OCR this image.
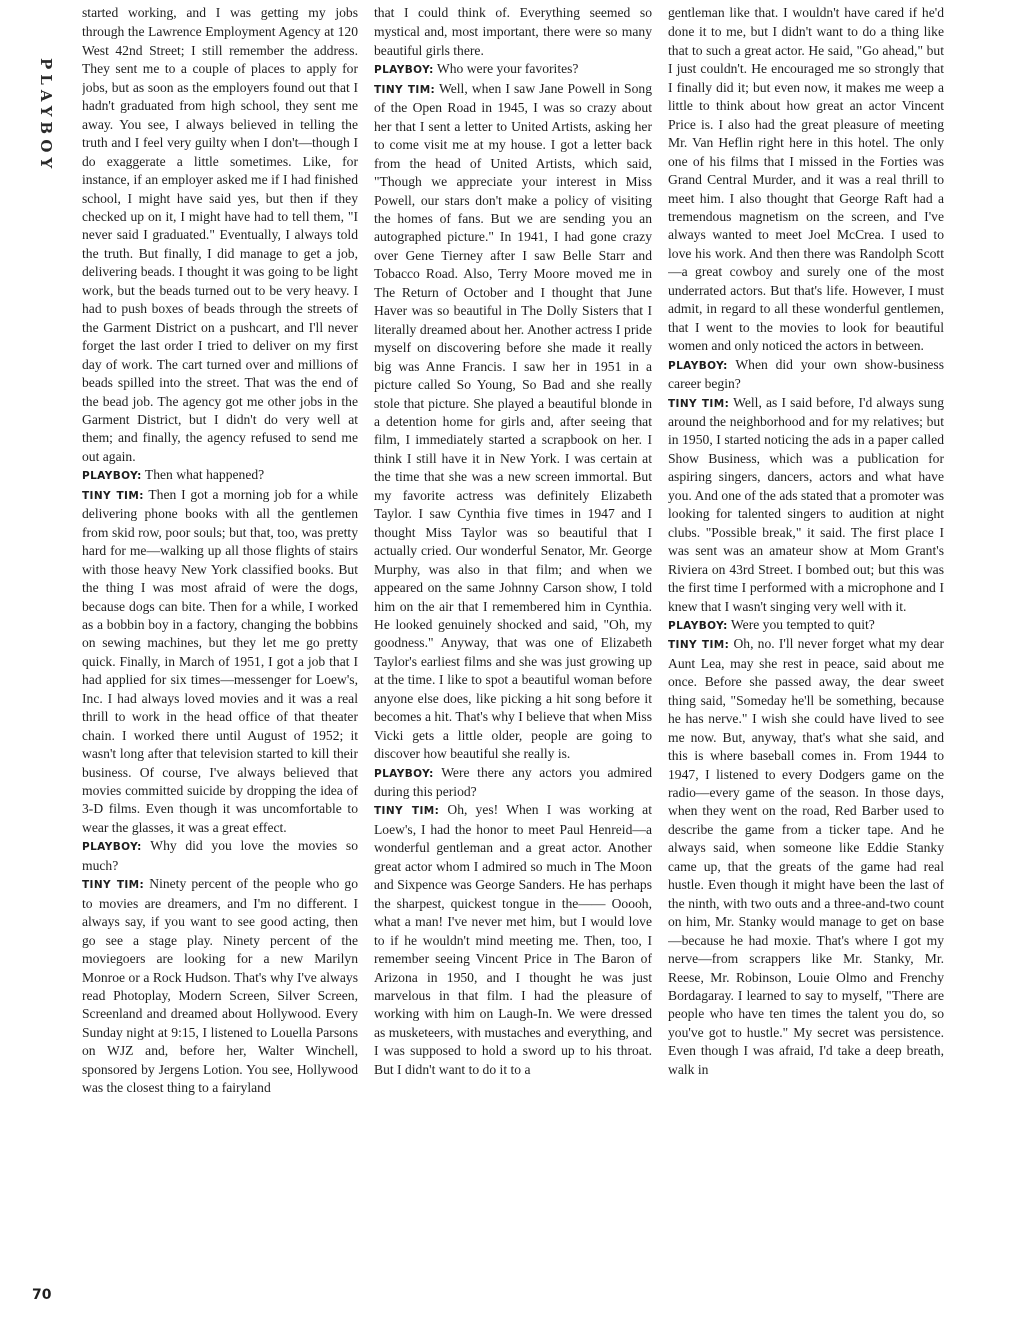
PLAYBOY

started working, and I was getting my jobs through the Lawrence Employment Agency at 120 West 42nd Street; I still remember the address. They sent me to a couple of places to apply for jobs, but as soon as the employers found out that I hadn't graduated from high school, they sent me away. You see, I always believed in telling the truth and I feel very guilty when I don't—though I do exaggerate a little sometimes. Like, for instance, if an employer asked me if I had finished school, I might have said yes, but then if they checked up on it, I might have had to tell them, "I never said I graduated." Eventually, I always told the truth. But finally, I did manage to get a job, delivering beads. I thought it was going to be light work, but the beads turned out to be very heavy. I had to push boxes of beads through the streets of the Garment District on a pushcart, and I'll never forget the last order I tried to deliver on my first day of work. The cart turned over and millions of beads spilled into the street. That was the end of the bead job. The agency got me other jobs in the Garment District, but I didn't do very well at them; and finally, the agency refused to send me out again.

PLAYBOY: Then what happened?

TINY TIM: Then I got a morning job for a while delivering phone books with all the gentlemen from skid row, poor souls; but that, too, was pretty hard for me—walking up all those flights of stairs with those heavy New York classified books. But the thing I was most afraid of were the dogs, because dogs can bite. Then for a while, I worked as a bobbin boy in a factory, changing the bobbins on sewing machines, but they let me go pretty quick. Finally, in March of 1951, I got a job that I had applied for six times—messenger for Loew's, Inc. I had always loved movies and it was a real thrill to work in the head office of that theater chain. I worked there until August of 1952; it wasn't long after that television started to kill their business. Of course, I've always believed that movies committed suicide by dropping the idea of 3-D films. Even though it was uncomfortable to wear the glasses, it was a great effect.

PLAYBOY: Why did you love the movies so much?

TINY TIM: Ninety percent of the people who go to movies are dreamers, and I'm no different. I always say, if you want to see good acting, then go see a stage play. Ninety percent of the moviegoers are looking for a new Marilyn Monroe or a Rock Hudson. That's why I've always read Photoplay, Modern Screen, Silver Screen, Screenland and dreamed about Hollywood. Every Sunday night at 9:15, I listened to Louella Parsons on WJZ and, before her, Walter Winchell, sponsored by Jergens Lotion. You see, Hollywood was the closest thing to a fairyland

that I could think of. Everything seemed so mystical and, most important, there were so many beautiful girls there.

PLAYBOY: Who were your favorites?

TINY TIM: Well, when I saw Jane Powell in Song of the Open Road in 1945, I was so crazy about her that I sent a letter to United Artists, asking her to come visit me at my house. I got a letter back from the head of United Artists, which said, "Though we appreciate your interest in Miss Powell, our stars don't make a policy of visiting the homes of fans. But we are sending you an autographed picture." In 1941, I had gone crazy over Gene Tierney after I saw Belle Starr and Tobacco Road. Also, Terry Moore moved me in The Return of October and I thought that June Haver was so beautiful in The Dolly Sisters that I literally dreamed about her. Another actress I pride myself on discovering before she made it really big was Anne Francis. I saw her in 1951 in a picture called So Young, So Bad and she really stole that picture. She played a beautiful blonde in a detention home for girls and, after seeing that film, I immediately started a scrapbook on her. I think I still have it in New York. I was certain at the time that she was a new screen immortal. But my favorite actress was definitely Elizabeth Taylor. I saw Cynthia five times in 1947 and I thought Miss Taylor was so beautiful that I actually cried. Our wonderful Senator, Mr. George Murphy, was also in that film; and when we appeared on the same Johnny Carson show, I told him on the air that I remembered him in Cynthia. He looked genuinely shocked and said, "Oh, my goodness." Anyway, that was one of Elizabeth Taylor's earliest films and she was just growing up at the time. I like to spot a beautiful woman before anyone else does, like picking a hit song before it becomes a hit. That's why I believe that when Miss Vicki gets a little older, people are going to discover how beautiful she really is.

PLAYBOY: Were there any actors you admired during this period?

TINY TIM: Oh, yes! When I was working at Loew's, I had the honor to meet Paul Henreid—a wonderful gentleman and a great actor. Another great actor whom I admired so much in The Moon and Sixpence was George Sanders. He has perhaps the sharpest, quickest tongue in the—— Ooooh, what a man! I've never met him, but I would love to if he wouldn't mind meeting me. Then, too, I remember seeing Vincent Price in The Baron of Arizona in 1950, and I thought he was just marvelous in that film. I had the pleasure of working with him on Laugh-In. We were dressed as musketeers, with mustaches and everything, and I was supposed to hold a sword up to his throat. But I didn't want to do it to a

gentleman like that. I wouldn't have cared if he'd done it to me, but I didn't want to do a thing like that to such a great actor. He said, "Go ahead," but I just couldn't. He encouraged me so strongly that I finally did it; but even now, it makes me weep a little to think about how great an actor Vincent Price is. I also had the great pleasure of meeting Mr. Van Heflin right here in this hotel. The only one of his films that I missed in the Forties was Grand Central Murder, and it was a real thrill to meet him. I also thought that George Raft had a tremendous magnetism on the screen, and I've always wanted to meet Joel McCrea. I used to love his work. And then there was Randolph Scott—a great cowboy and surely one of the most underrated actors. But that's life. However, I must admit, in regard to all these wonderful gentlemen, that I went to the movies to look for beautiful women and only noticed the actors in between.

PLAYBOY: When did your own show-business career begin?

TINY TIM: Well, as I said before, I'd always sung around the neighborhood and for my relatives; but in 1950, I started noticing the ads in a paper called Show Business, which was a publication for aspiring singers, dancers, actors and what have you. And one of the ads stated that a promoter was looking for talented singers to audition at night clubs. "Possible break," it said. The first place I was sent was an amateur show at Mom Grant's Riviera on 43rd Street. I bombed out; but this was the first time I performed with a microphone and I knew that I wasn't singing very well with it.

PLAYBOY: Were you tempted to quit?

TINY TIM: Oh, no. I'll never forget what my dear Aunt Lea, may she rest in peace, said about me once. Before she passed away, the dear sweet thing said, "Someday he'll be something, because he has nerve." I wish she could have lived to see me now. But, anyway, that's what she said, and this is where baseball comes in. From 1944 to 1947, I listened to every Dodgers game on the radio—every game of the season. In those days, when they went on the road, Red Barber used to describe the game from a ticker tape. And he always said, when someone like Eddie Stanky came up, that the greats of the game had real hustle. Even though it might have been the last of the ninth, with two outs and a three-and-two count on him, Mr. Stanky would manage to get on base—because he had moxie. That's where I got my nerve—from scrappers like Mr. Stanky, Mr. Reese, Mr. Robinson, Louie Olmo and Frenchy Bordagaray. I learned to say to myself, "There are people who have ten times the talent you do, so you've got to hustle." My secret was persistence. Even though I was afraid, I'd take a deep breath, walk in

70
